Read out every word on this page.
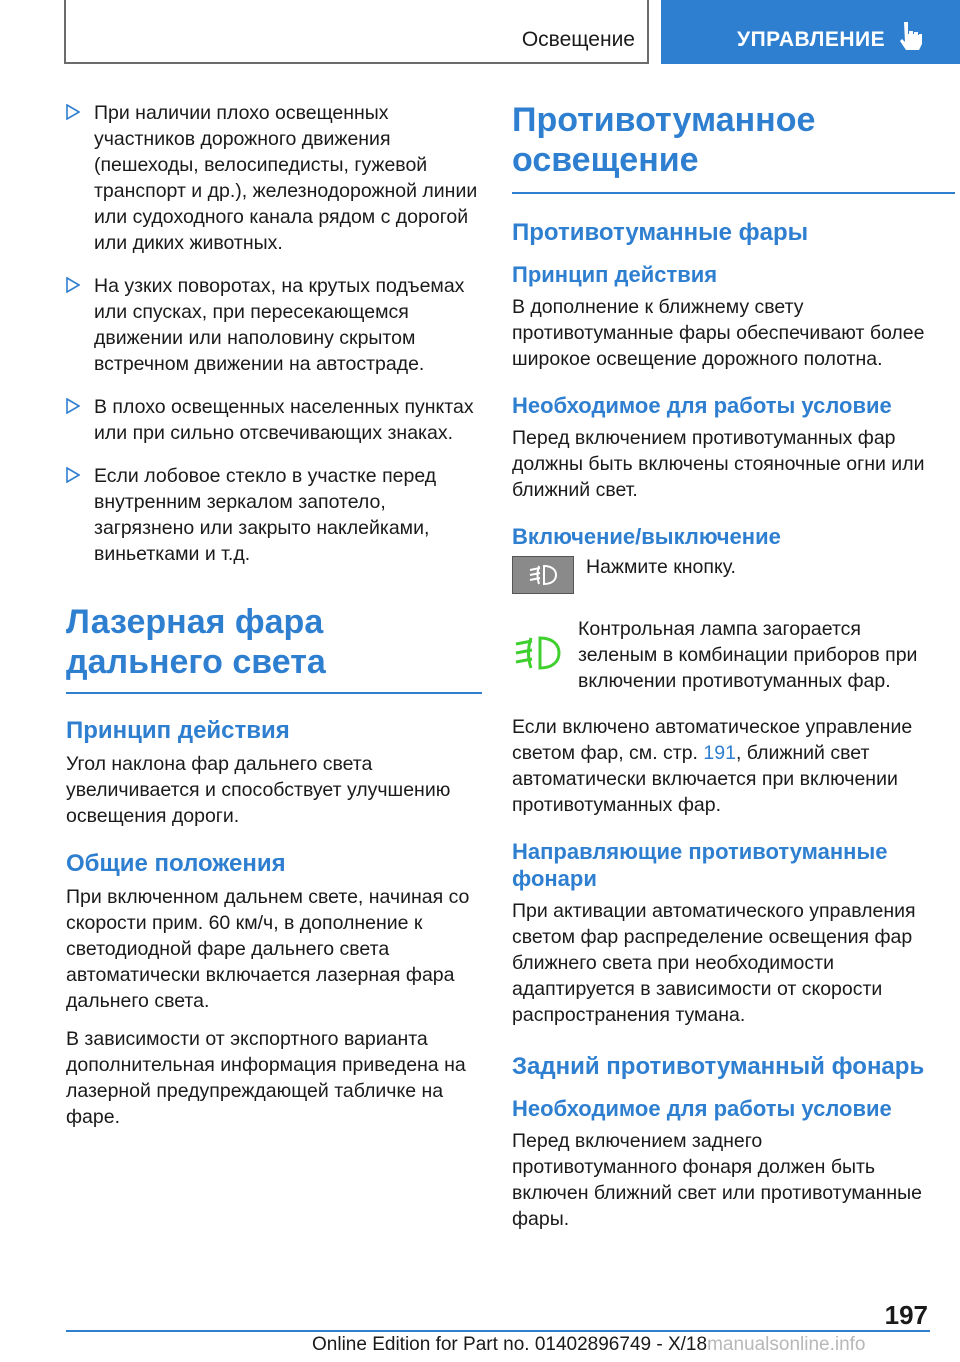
Освещение	УПРАВЛЕНИЕ
При наличии плохо освещенных участников дорожного движения (пешеходы, велосипедисты, гужевой транспорт и др.), железнодорожной линии или судоходного канала рядом с дорогой или диких животных.
На узких поворотах, на крутых подъемах или спусках, при пересекающемся движении или наполовину скрытом встречном движении на автостраде.
В плохо освещенных населенных пунктах или при сильно отсвечивающих знаках.
Если лобовое стекло в участке перед внутренним зеркалом запотело, загрязнено или закрыто наклейками, виньетками и т.д.
Лазерная фара дальнего света
Принцип действия

Угол наклона фар дальнего света увеличивается и способствует улучшению освещения дороги.

Общие положения

При включенном дальнем свете, начиная со скорости прим. 60 км/ч, в дополнение к светодиодной фаре дальнего света автоматически включается лазерная фара дальнего света.

В зависимости от экспортного варианта дополнительная информация приведена на лазерной предупреждающей табличке на фаре.

Противотуманное освещение
Противотуманные фары
Принцип действия

В дополнение к ближнему свету противотуманные фары обеспечивают более широкое освещение дорожного полотна.

Необходимое для работы условие

Перед включением противотуманных фар должны быть включены стояночные огни или ближний свет.

Включение/выключение

Нажмите кнопку.

Контрольная лампа загорается зеленым в комбинации приборов при включении противотуманных фар.

Если включено автоматическое управление светом фар, см. стр. 191, ближний свет автоматически включается при включении противотуманных фар.

Направляющие противотуманные фонари

При активации автоматического управления светом фар распределение освещения фар ближнего света при необходимости адаптируется в зависимости от скорости распространения тумана.

Задний противотуманный фонарь
Необходимое для работы условие

Перед включением заднего противотуманного фонаря должен быть включен ближний свет или противотуманные фары.

197
Online Edition for Part no. 01402896749 - X/18manualsonline.info
